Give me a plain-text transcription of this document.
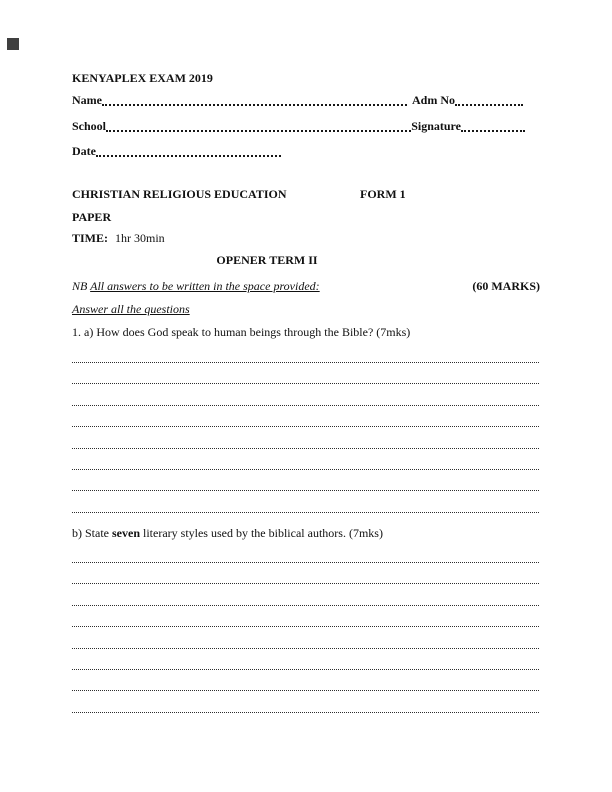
KENYAPLEX EXAM 2019
Name	Adm No
School	Signature
Date
CHRISTIAN RELIGIOUS EDUCATION	FORM 1
PAPER
TIME: 1hr 30min
OPENER TERM II
NB All answers to be written in the space provided:	(60 MARKS)
Answer all the questions
1. a) How does God speak to human beings through the Bible? (7mks)
b) State seven literary styles used by the biblical authors. (7mks)
